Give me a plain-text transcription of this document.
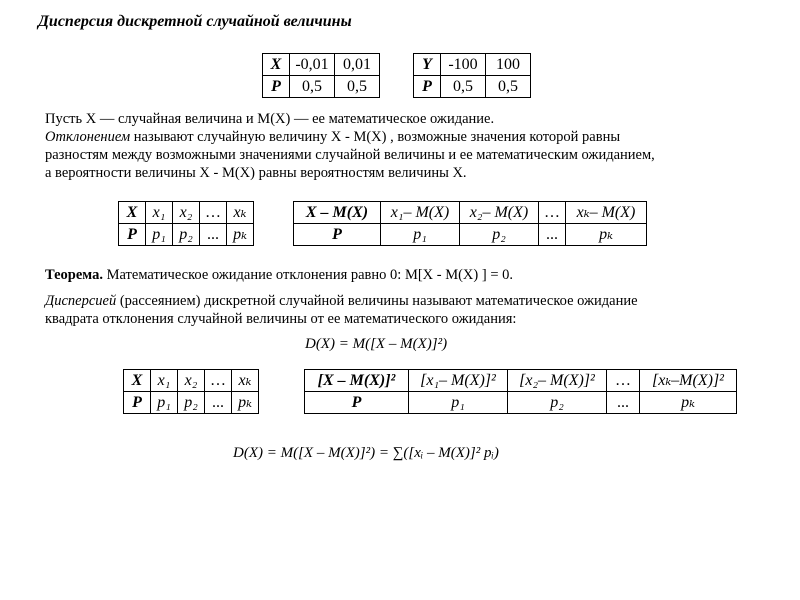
Дисперсия дискретной случайной величины
X	-0,01	0,01
P	0,5	0,5
Y	-100	100
P	0,5	0,5
Пусть X — случайная величина и M(X) — ее математическое ожидание.
Отклонением называют случайную величину X - M(X) , возможные значения которой равны
разностям между возможными значениями случайной величины и ее математическим ожиданием,
а вероятности величины X - M(X) равны вероятностям величины X.
X	x₁	x₂	…	xₖ
P	p₁	p₂	...	pₖ
X – M(X)	x₁– M(X)	x₂– M(X)	…	xₖ– M(X)
P	p₁	p₂	...	pₖ
Теорема. Математическое ожидание отклонения равно 0: M[X - M(X) ] = 0.
Дисперсией (рассеянием) дискретной случайной величины называют математическое ожидание
квадрата отклонения случайной величины от ее математического ожидания:
D(X) = M([X – M(X)]²)
X	x₁	x₂	…	xₖ
P	p₁	p₂	...	pₖ
[X – M(X)]²	[x₁– M(X)]²	[x₂– M(X)]²	…	[xₖ–M(X)]²
P	p₁	p₂	...	pₖ
D(X) = M([X – M(X)]²) = ∑([xᵢ – M(X)]² pᵢ)
